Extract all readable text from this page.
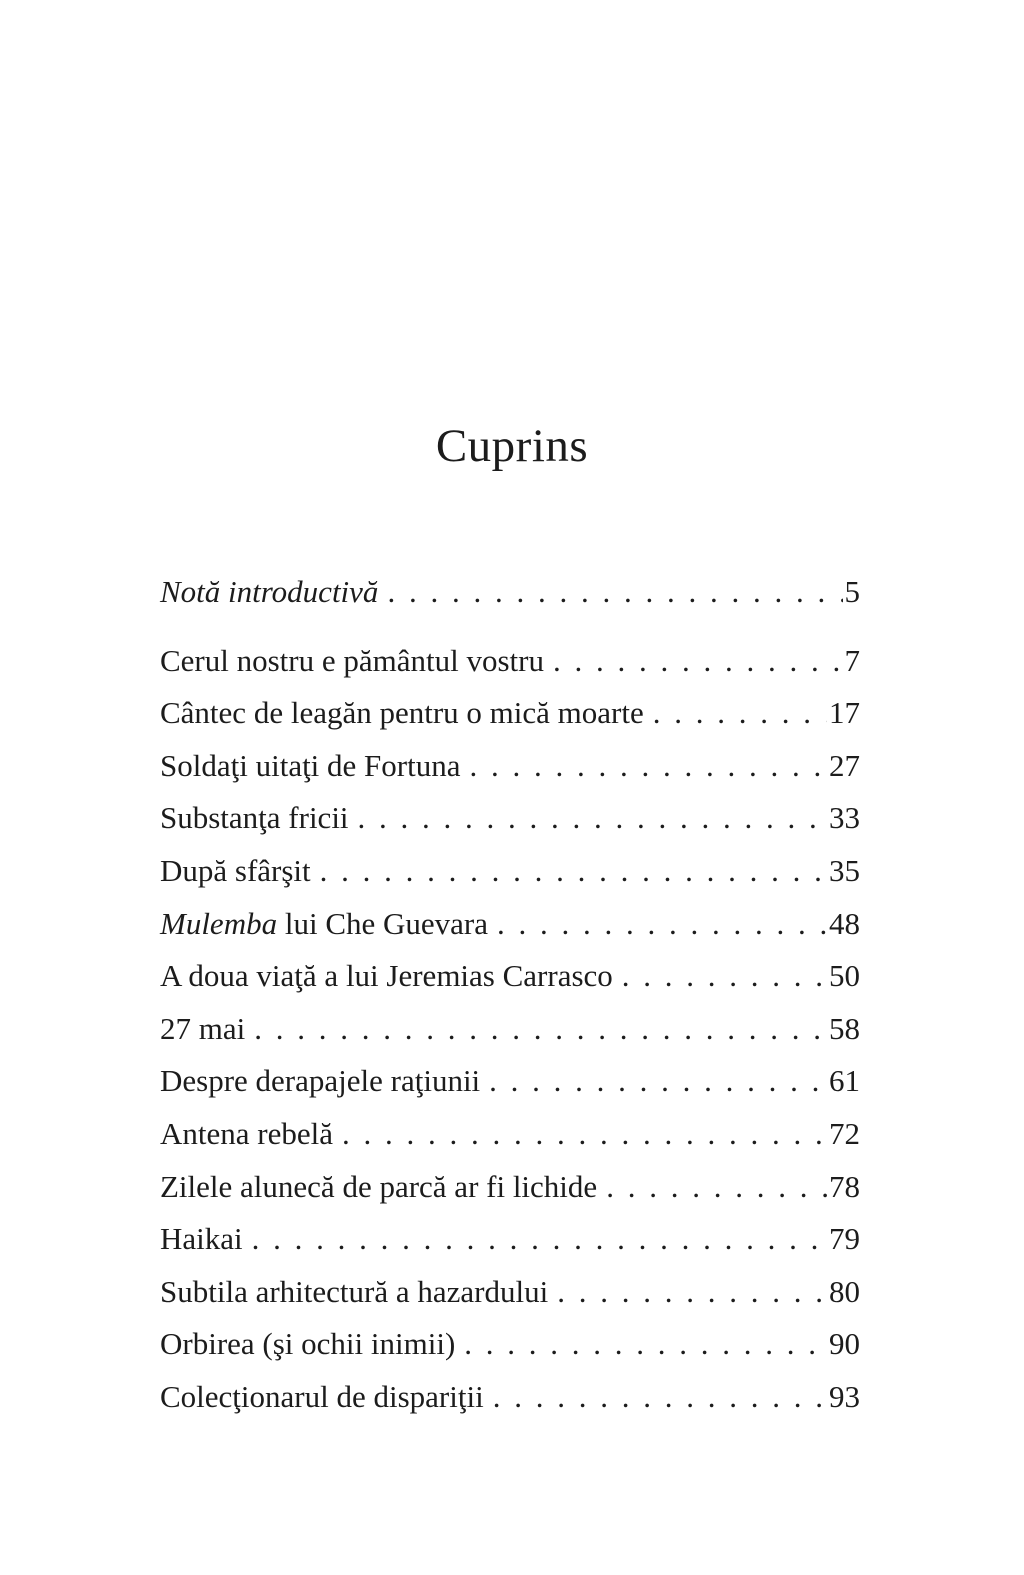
Cuprins
Notă introductivă . . .	5
Cerul nostru e pământul vostru . . .	7
Cântec de leagăn pentru o mică moarte . . .	17
Soldaţi uitaţi de Fortuna . . .	27
Substanţa fricii . . .	33
După sfârşit . . .	35
Mulemba lui Che Guevara . . .	48
A doua viaţă a lui Jeremias Carrasco . . .	50
27 mai . . .	58
Despre derapajele raţiunii . . .	61
Antena rebelă . . .	72
Zilele alunecă de parcă ar fi lichide . . .	78
Haikai . . .	79
Subtila arhitectură a hazardului . . .	80
Orbirea (şi ochii inimii) . . .	90
Colecţionarul de dispariţii . . .	93
